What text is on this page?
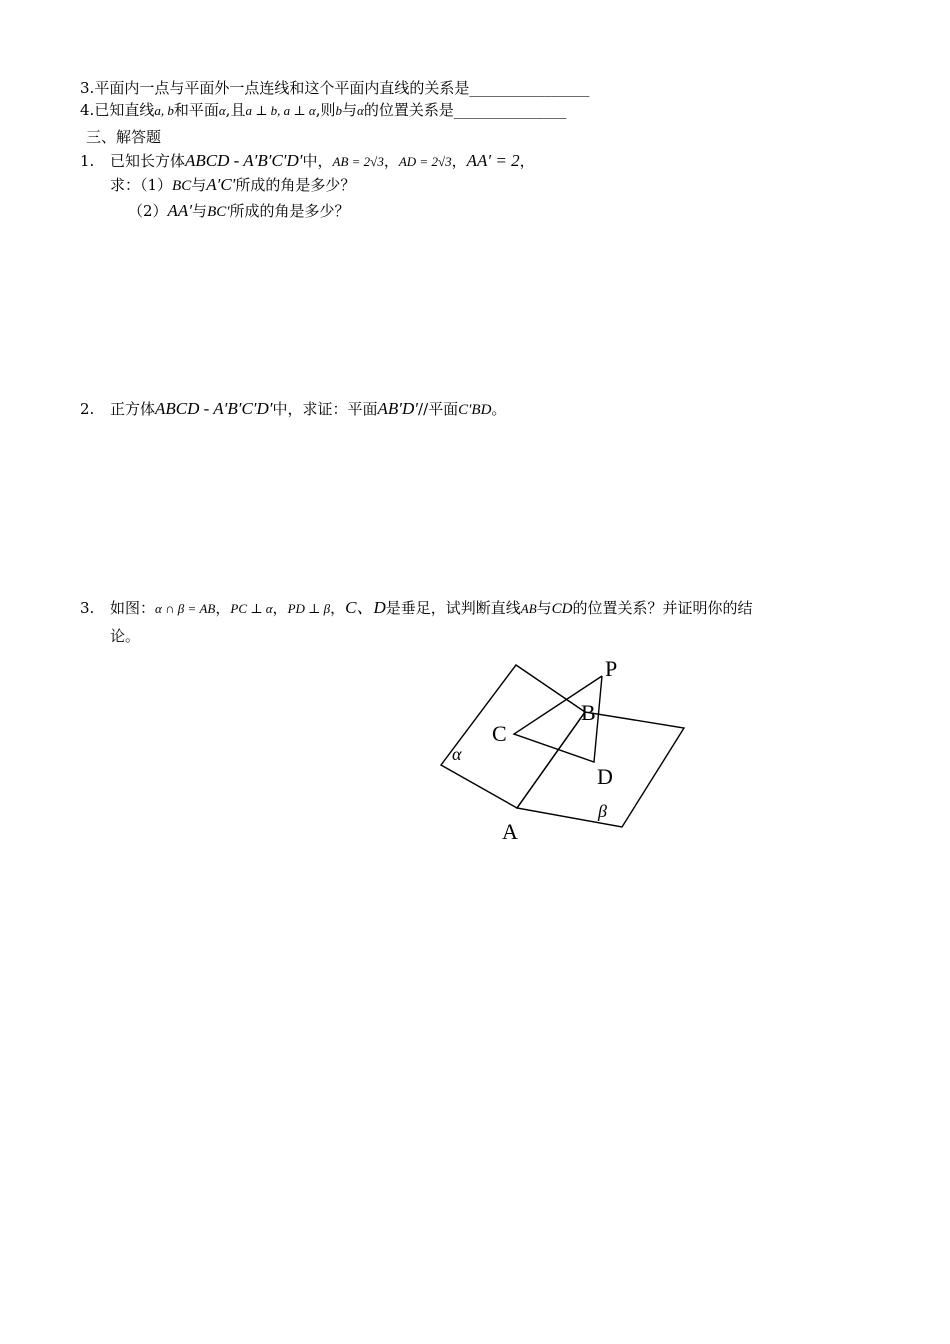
3.平面内一点与平面外一点连线和这个平面内直线的关系是________________
4.已知直线a, b和平面α,且a ⊥ b, a ⊥ α,则b与α的位置关系是_______________
三、解答题
1. 已知长方体ABCD - A′B′C′D′中，AB = 2√3，AD = 2√3，AA′ = 2，
求：（1）BC与A′C′所成的角是多少？
（2）AA′与BC′所成的角是多少？
2. 正方体ABCD - A′B′C′D′中，求证：平面AB′D′//平面C′BD。
3. 如图：α ∩ β = AB，PC ⊥ α，PD ⊥ β，C、D是垂足，试判断直线AB与CD的位置关系？并证明你的结
论。
P
B
C
D
A
α
β
